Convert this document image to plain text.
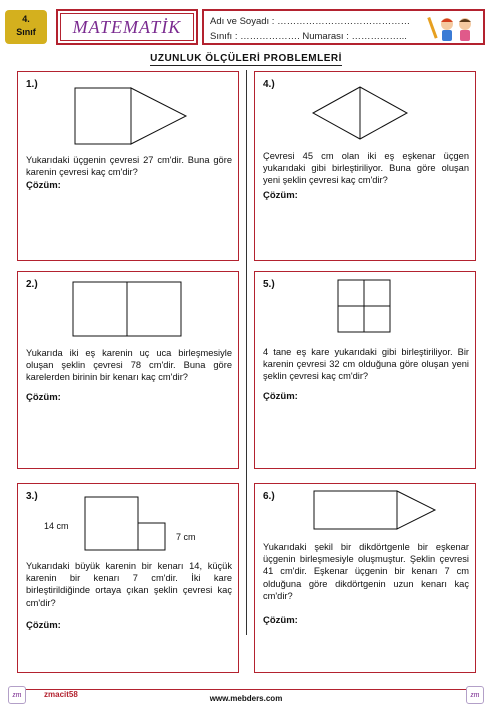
4.
Sınıf	MATEMATİK	Adı ve Soyadı : ……………………………………
Sınıfı : ………………. Numarası : ……………...
UZUNLUK ÖLÇÜLERİ PROBLEMLERİ
1.)
Yukarıdaki üçgenin çevresi 27 cm'dir. Buna göre karenin çevresi kaç cm'dir?
Çözüm:
2.)
Yukarıda iki eş karenin uç uca birleşmesiyle oluşan şeklin çevresi 78 cm'dir. Buna göre karelerden birinin bir kenarı kaç cm'dir?
Çözüm:
3.)
14 cm
7 cm
Yukarıdaki büyük karenin bir kenarı 14, küçük karenin bir kenarı 7 cm'dir. İki kare birleştirildiğinde ortaya çıkan şeklin çevresi kaç cm'dir?
Çözüm:
4.)
Çevresi 45 cm olan iki eş eşkenar üçgen yukarıdaki gibi birleştiriliyor. Buna göre oluşan yeni şeklin çevresi kaç cm'dir?
Çözüm:
5.)
4 tane eş kare yukarıdaki gibi birleştiriliyor. Bir karenin çevresi 32 cm olduğuna göre oluşan yeni şeklin çevresi kaç cm'dir?
Çözüm:
6.)
Yukarıdaki şekil bir dikdörtgenle bir eşkenar üçgenin birleşmesiyle oluşmuştur. Şeklin çevresi 41 cm'dir. Eşkenar üçgenin bir kenarı 7 cm olduğuna göre dikdörtgenin uzun kenarı kaç cm'dir?
Çözüm:
zm	zm
zmacit58	www.mebders.com
